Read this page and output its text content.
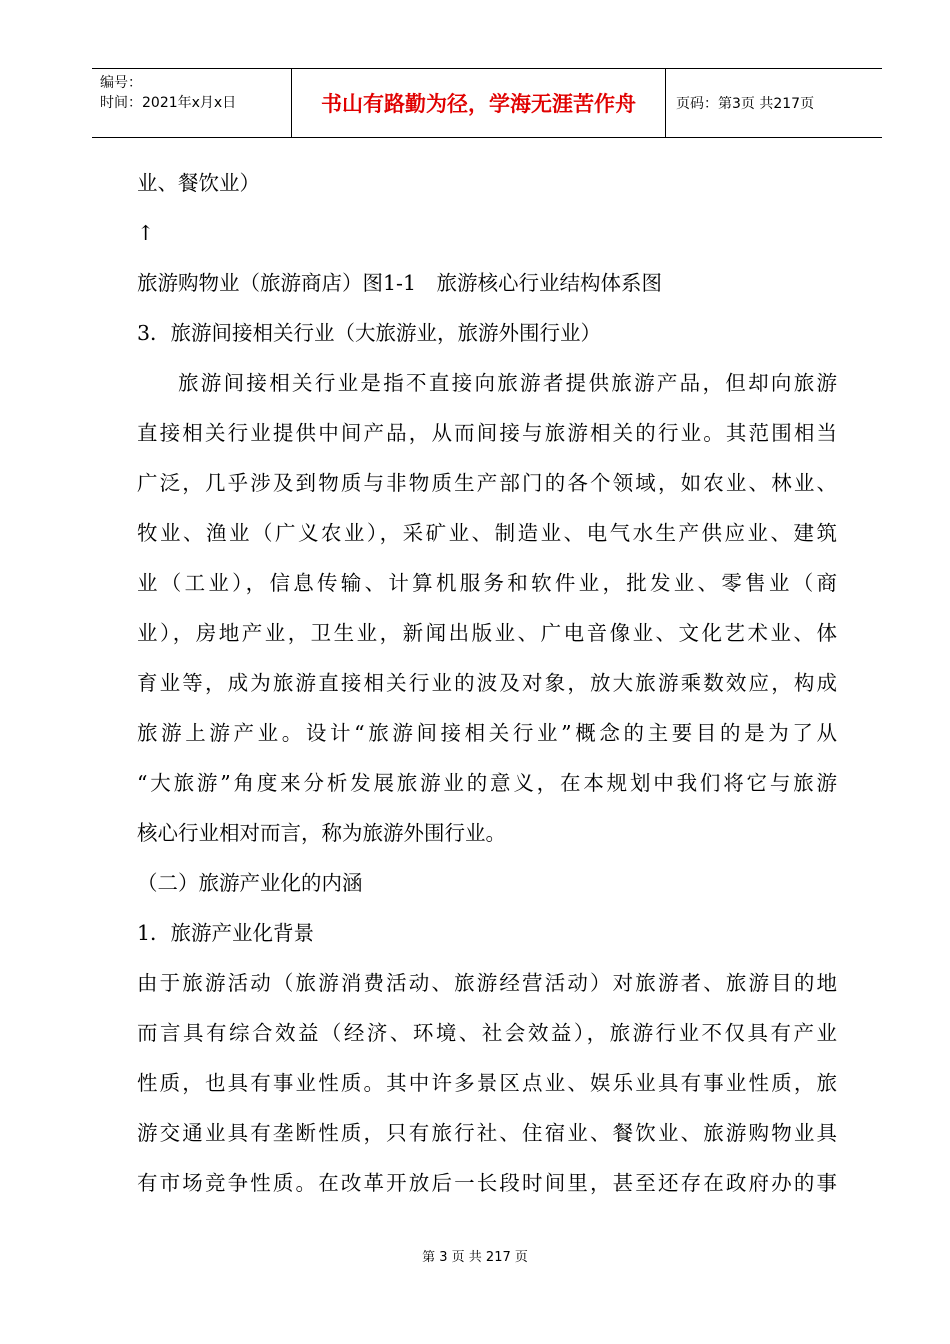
编号：
时间：2021年x月x日	书山有路勤为径，学海无涯苦作舟	页码：第3页 共217页
业、餐饮业）
↑
旅游购物业（旅游商店）图1-1　旅游核心行业结构体系图
3．旅游间接相关行业（大旅游业，旅游外围行业）
旅游间接相关行业是指不直接向旅游者提供旅游产品，但却向旅游
直接相关行业提供中间产品，从而间接与旅游相关的行业。其范围相当
广泛，几乎涉及到物质与非物质生产部门的各个领域，如农业、林业、
牧业、渔业（广义农业），采矿业、制造业、电气水生产供应业、建筑
业（工业），信息传输、计算机服务和软件业，批发业、零售业（商
业），房地产业，卫生业，新闻出版业、广电音像业、文化艺术业、体
育业等，成为旅游直接相关行业的波及对象，放大旅游乘数效应，构成
旅游上游产业。设计“旅游间接相关行业”概念的主要目的是为了从
“大旅游”角度来分析发展旅游业的意义，在本规划中我们将它与旅游
核心行业相对而言，称为旅游外围行业。
（二）旅游产业化的内涵
1．旅游产业化背景
由于旅游活动（旅游消费活动、旅游经营活动）对旅游者、旅游目的地
而言具有综合效益（经济、环境、社会效益），旅游行业不仅具有产业
性质，也具有事业性质。其中许多景区点业、娱乐业具有事业性质，旅
游交通业具有垄断性质，只有旅行社、住宿业、餐饮业、旅游购物业具
有市场竞争性质。在改革开放后一长段时间里，甚至还存在政府办的事
第 3 页 共 217 页
